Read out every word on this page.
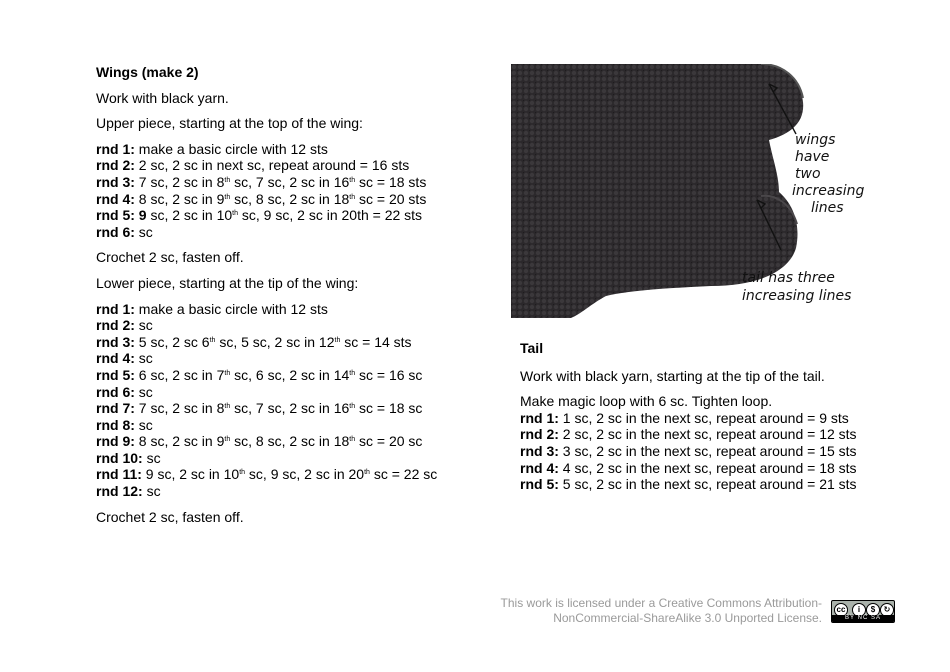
Wings (make 2)

Work with black yarn.

Upper piece, starting at the top of the wing:

rnd 1: make a basic circle with 12 sts
rnd 2: 2 sc, 2 sc in next sc, repeat around = 16 sts
rnd 3: 7 sc, 2 sc in 8th sc, 7 sc, 2 sc in 16th sc = 18 sts
rnd 4: 8 sc, 2 sc in 9th sc, 8 sc, 2 sc in 18th sc = 20 sts
rnd 5: 9 sc, 2 sc in 10th sc, 9 sc, 2 sc in 20th = 22 sts
rnd 6: sc

Crochet 2 sc, fasten off.

Lower piece, starting at the tip of the wing:

rnd 1: make a basic circle with 12 sts
rnd 2: sc
rnd 3: 5 sc, 2 sc 6th sc, 5 sc, 2 sc in 12th sc = 14 sts
rnd 4: sc
rnd 5: 6 sc, 2 sc in 7th sc, 6 sc, 2 sc in 14th sc = 16 sc
rnd 6: sc
rnd 7: 7 sc, 2 sc in 8th sc, 7 sc, 2 sc in 16th sc = 18 sc
rnd 8: sc
rnd 9: 8 sc, 2 sc in 9th sc, 8 sc, 2 sc in 18th sc = 20 sc
rnd 10: sc
rnd 11: 9 sc, 2 sc in 10th sc, 9 sc, 2 sc in 20th sc = 22 sc
rnd 12: sc

Crochet 2 sc, fasten off.

wings
have
two
increasing
lines
tail has three
increasing lines

Tail

Work with black yarn, starting at the tip of the tail.

Make magic loop with 6 sc. Tighten loop.
rnd 1: 1 sc, 2 sc in the next sc, repeat around = 9 sts
rnd 2: 2 sc, 2 sc in the next sc, repeat around = 12 sts
rnd 3: 3 sc, 2 sc in the next sc, repeat around = 15 sts
rnd 4: 4 sc, 2 sc in the next sc, repeat around = 18 sts
rnd 5: 5 sc, 2 sc in the next sc, repeat around = 21 sts
This work is licensed under a Creative Commons Attribution-
NonCommercial-ShareAlike 3.0 Unported License.
cc	i	$	↻
BY NC SA
